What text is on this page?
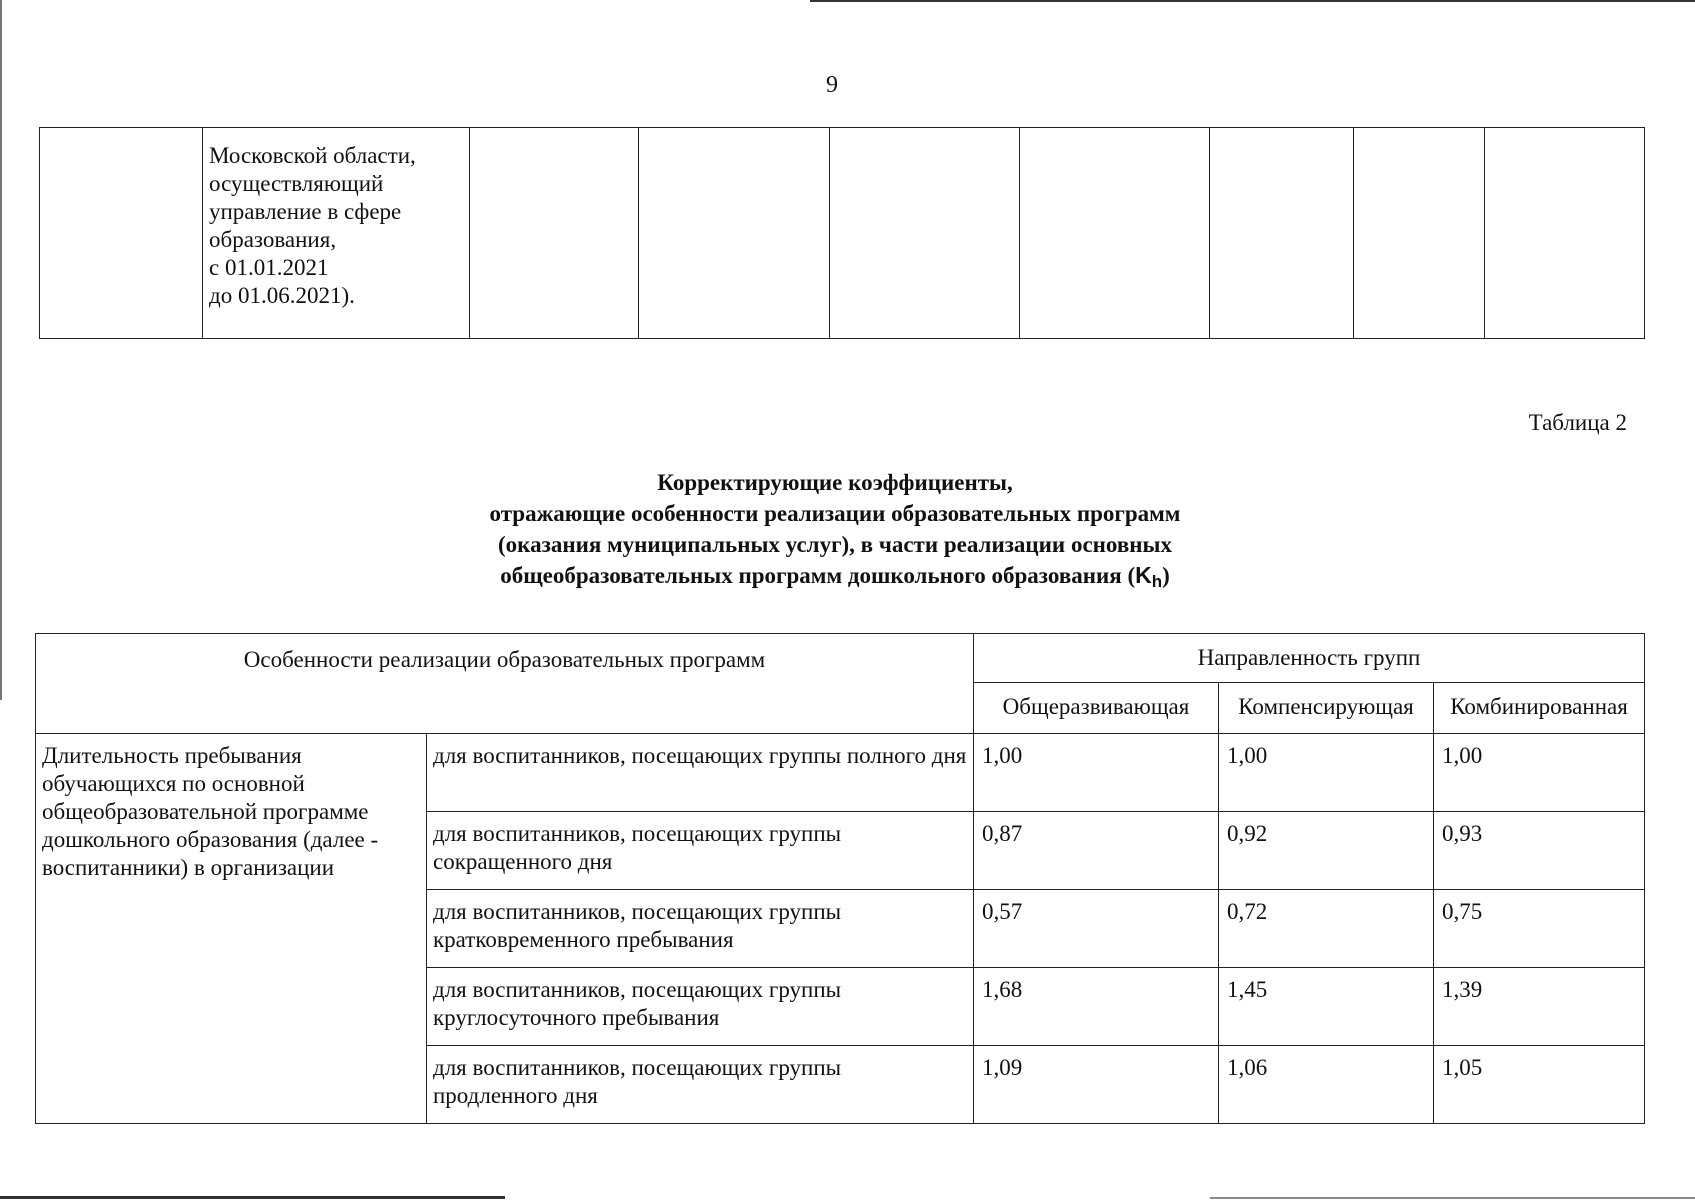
9

Московской области,
осуществляющий
управление в сфере
образования,
с 01.01.2021
до 01.06.2021).

Таблица 2
Корректирующие коэффициенты,
отражающие особенности реализации образовательных программ
(оказания муниципальных услуг), в части реализации основных
общеобразовательных программ дошкольного образования (Kh)
Особенности реализации образовательных программ		Направленность групп		
		Общеразвивающая	Компенсирующая	Комбинированная
Длительность пребывания обучающихся по основной общеобразовательной программе дошкольного образования (далее - воспитанники) в организации	для воспитанников, посещающих группы полного дня	1,00	1,00	1,00
	для воспитанников, посещающих группы сокращенного дня	0,87	0,92	0,93
	для воспитанников, посещающих группы кратковременного пребывания	0,57	0,72	0,75
	для воспитанников, посещающих группы круглосуточного пребывания	1,68	1,45	1,39
	для воспитанников, посещающих группы продленного дня	1,09	1,06	1,05
